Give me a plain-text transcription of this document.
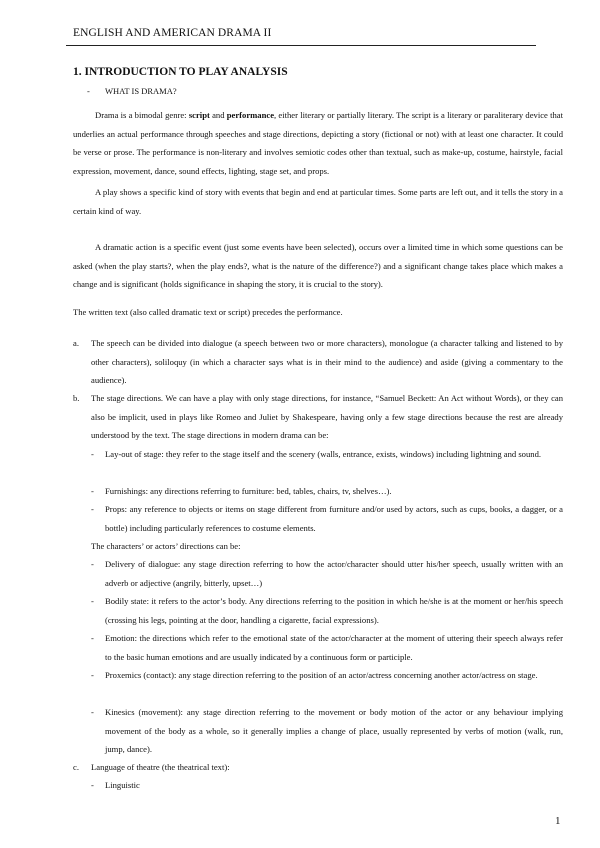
ENGLISH AND AMERICAN DRAMA II
1. INTRODUCTION TO PLAY ANALYSIS
- WHAT IS DRAMA?

Drama is a bimodal genre: script and performance, either literary or partially literary. The script is a literary or paraliterary device that underlies an actual performance through speeches and stage directions, depicting a story (fictional or not) with at least one character. It could be verse or prose. The performance is non-literary and involves semiotic codes other than textual, such as make-up, costume, hairstyle, facial expression, movement, dance, sound effects, lighting, stage set, and props.

A play shows a specific kind of story with events that begin and end at particular times. Some parts are left out, and it tells the story in a certain kind of way.

A dramatic action is a specific event (just some events have been selected), occurs over a limited time in which some questions can be asked (when the play starts?, when the play ends?, what is the nature of the difference?) and a significant change takes place which makes a change and is significant (holds significance in shaping the story, it is crucial to the story).

The written text (also called dramatic text or script) precedes the performance.

a. The speech can be divided into dialogue (a speech between two or more characters), monologue (a character talking and listened to by other characters), soliloquy (in which a character says what is in their mind to the audience) and aside (giving a commentary to the audience).

b. The stage directions. We can have a play with only stage directions, for instance, “Samuel Beckett: An Act without Words), or they can also be implicit, used in plays like Romeo and Juliet by Shakespeare, having only a few stage directions because the rest are already understood by the text. The stage directions in modern drama can be:

- Lay-out of stage: they refer to the stage itself and the scenery (walls, entrance, exists, windows) including lightning and sound.

- Furnishings: any directions referring to furniture: bed, tables, chairs, tv, shelves…).

- Props: any reference to objects or items on stage different from furniture and/or used by actors, such as cups, books, a dagger, or a bottle) including particularly references to costume elements.

The characters’ or actors’ directions can be:

- Delivery of dialogue: any stage direction referring to how the actor/character should utter his/her speech, usually written with an adverb or adjective (angrily, bitterly, upset…)

- Bodily state: it refers to the actor’s body. Any directions referring to the position in which he/she is at the moment or her/his speech (crossing his legs, pointing at the door, handling a cigarette, facial expressions).

- Emotion: the directions which refer to the emotional state of the actor/character at the moment of uttering their speech always refer to the basic human emotions and are usually indicated by a continuous form or participle.

- Proxemics (contact): any stage direction referring to the position of an actor/actress concerning another actor/actress on stage.

- Kinesics (movement): any stage direction referring to the movement or body motion of the actor or any behaviour implying movement of the body as a whole, so it generally implies a change of place, usually represented by verbs of motion (walk, run, jump, dance).

c. Language of theatre (the theatrical text):

- Linguistic

1
